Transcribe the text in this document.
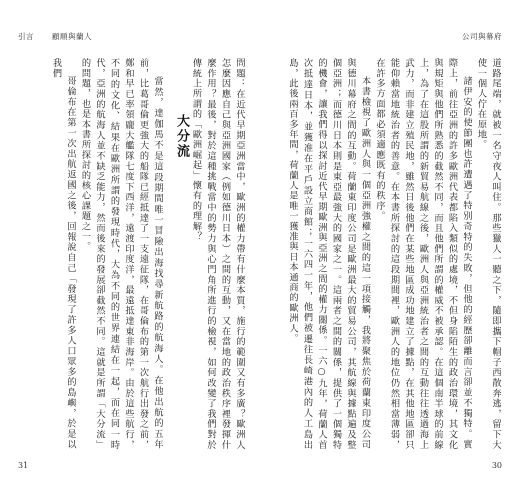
引言 顧順與蘭人

問題：在近代早期亞洲當中，歐洲的權力帶有什麼本質，施行的範圍又有多廣？歐洲人怎麼因應自己與亞洲國家（例如德川日本）之間的互動，又在當地的政治秩序裡發揮什麼作用？最後，對於這種挑戰當中的勢力與心門角所進行的檢視，如何改變了我們對於傳統上所謂的「歐洲崛起」懷有的理解？

大分流

當然，達伽馬不是這段期間唯一冒險出海找尋新航路的航海人。在他出航的五年前，比葛哥倫更強大的船隊已經抵達了一支遠征隊，在哥倫布的第一次航行出發之前，鄭和早已率領龐大艦隊七度下西洋，遠渡印度洋，最遠抵達東非海岸。由於這些航行，不同的文化、結果在歐洲所謂的發現時代，大為不同的世界連結在一起，而在同一時代，亞洲的航海人並不缺乏能力，然而後來的發展卻截然不同。這就是所謂「大分流」的問題，也是本書所探討的核心課題之一。

哥倫布在第一次出航返國之後，回報說自己「發現了許多人口眾多的島嶼，於是以我們

31
公司與幕府

道路尾端，就被一名守夜人叫住。那些獵人一聽之下，隨即攜下帽子西散奔逃，留下大使一個人佇在原地。

諸伊安的使節團也許遭遇了特別奇特的失敗，但他的經歷卻離而言卻並不獨特。實際上，前往亞洲的許多歐洲代表都陷入類似的處境，不但身陷陌生的政治環境，其文化與規矩與他們所熟悉的截然不同，而且他們所謂的權威不被承認。在這個南半球的前線上，為了在這股所謂的新貿易航線之後，歐洲人與亞洲統治者之間的互動往往透過海上武力，而非建立殖民地，雖然日後他們在某些地區成功地建立了據點，在其他地區卻只能仰賴當地統治者的善意。在本書所探討的這段期間裡，歐洲人的地位仍然相當薄弱，在許多方面都必須適應既有的秩序。

本書檢視了歐洲人與一個亞洲強權之間的這一項接觸，我將聚焦於荷蘭東印度公司與德川幕府之間的互動。荷蘭東印度公司是歐洲最大的貿易公司，其航線與據點遍及整個亞洲；而德川日本則是東亞最強大的國家之一。這兩者之間的關係，提供了一個獨特的機會，讓我們得以探討近代早期歐洲與亞洲之間的權力關係。一六○九年，荷蘭人首次抵達日本，並獲准在平戶設立商館；一六四一年，他們被遷往長崎港內的人工島出島，此後兩百多年間，荷蘭人是唯一獲准與日本通商的歐洲人。

30
